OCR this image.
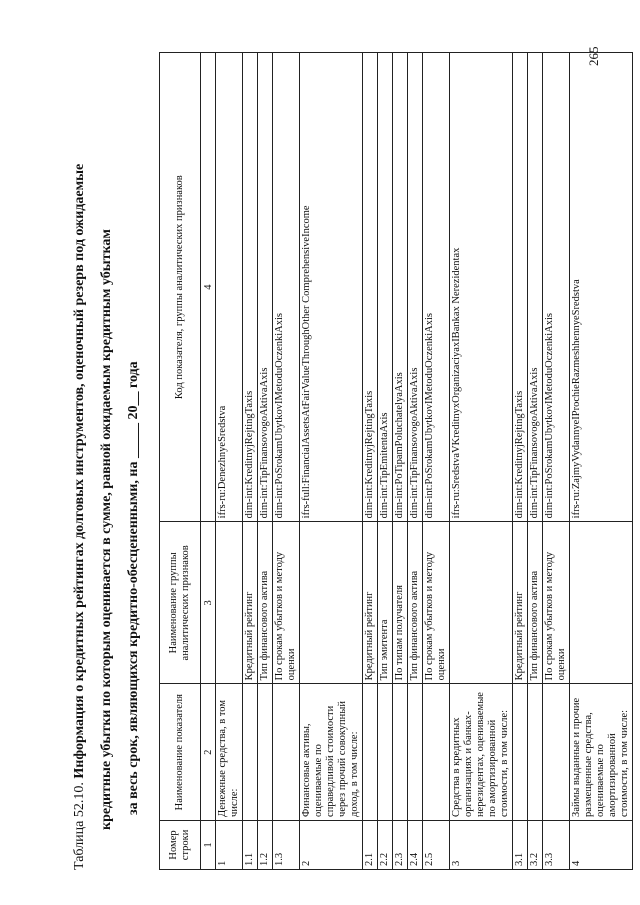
265
Таблица 52.10. Информация о кредитных рейтингах долговых инструментов, оценочный резерв под ожидаемые кредитные убытки по которым оценивается в сумме, равной ожидаемым кредитным убыткам за весь срок, являющихся кредитно-обесцененными, на _____ 20__ года
Номер строки	Наименование показателя	Наименование группы аналитических признаков	Код показателя, группы аналитических признаков
1	2	3	4
1	Денежные средства, в том числе:		ifrs-ru:DenezhnyeSredstva
1.1		Кредитный рейтинг	dim-int:KreditnyjRejtingTaxis
1.2		Тип финансового актива	dim-int:TipFinansovogoAktivaAxis
1.3		По срокам убытков и методу оценки	dim-int:PoSrokamUbytkovIMetoduOczenkiAxis
2	Финансовые активы, оцениваемые по справедливой стоимости через прочий совокупный доход, в том числе:		ifrs-full:FinancialAssetsAtFairValueThroughOther ComprehensiveIncome
2.1		Кредитный рейтинг	dim-int:KreditnyjRejtingTaxis
2.2		Тип эмитента	dim-int:TipEmitentaAxis
2.3		По типам получателя	dim-int:PoTipamPoluchatelyaAxis
2.4		Тип финансового актива	dim-int:TipFinansovogoAktivaAxis
2.5		По срокам убытков и методу оценки	dim-int:PoSrokamUbytkovIMetoduOczenkiAxis
3	Средства в кредитных организациях и банках-нерезидентах, оцениваемые по амортизированной стоимости, в том числе:		ifrs-ru:SredstvaVKreditnyxOrganizaciyaxIBankax Nerezidentax
3.1		Кредитный рейтинг	dim-int:KreditnyjRejtingTaxis
3.2		Тип финансового актива	dim-int:TipFinansovogoAktivaAxis
3.3		По срокам убытков и методу оценки	dim-int:PoSrokamUbytkovIMetoduOczenkiAxis
4	Займы выданные и прочие размещенные средства, оцениваемые по амортизированной стоимости, в том числе:		ifrs-ru:ZajmyVydannyeIProchieRazmeshhennyeSredstva
